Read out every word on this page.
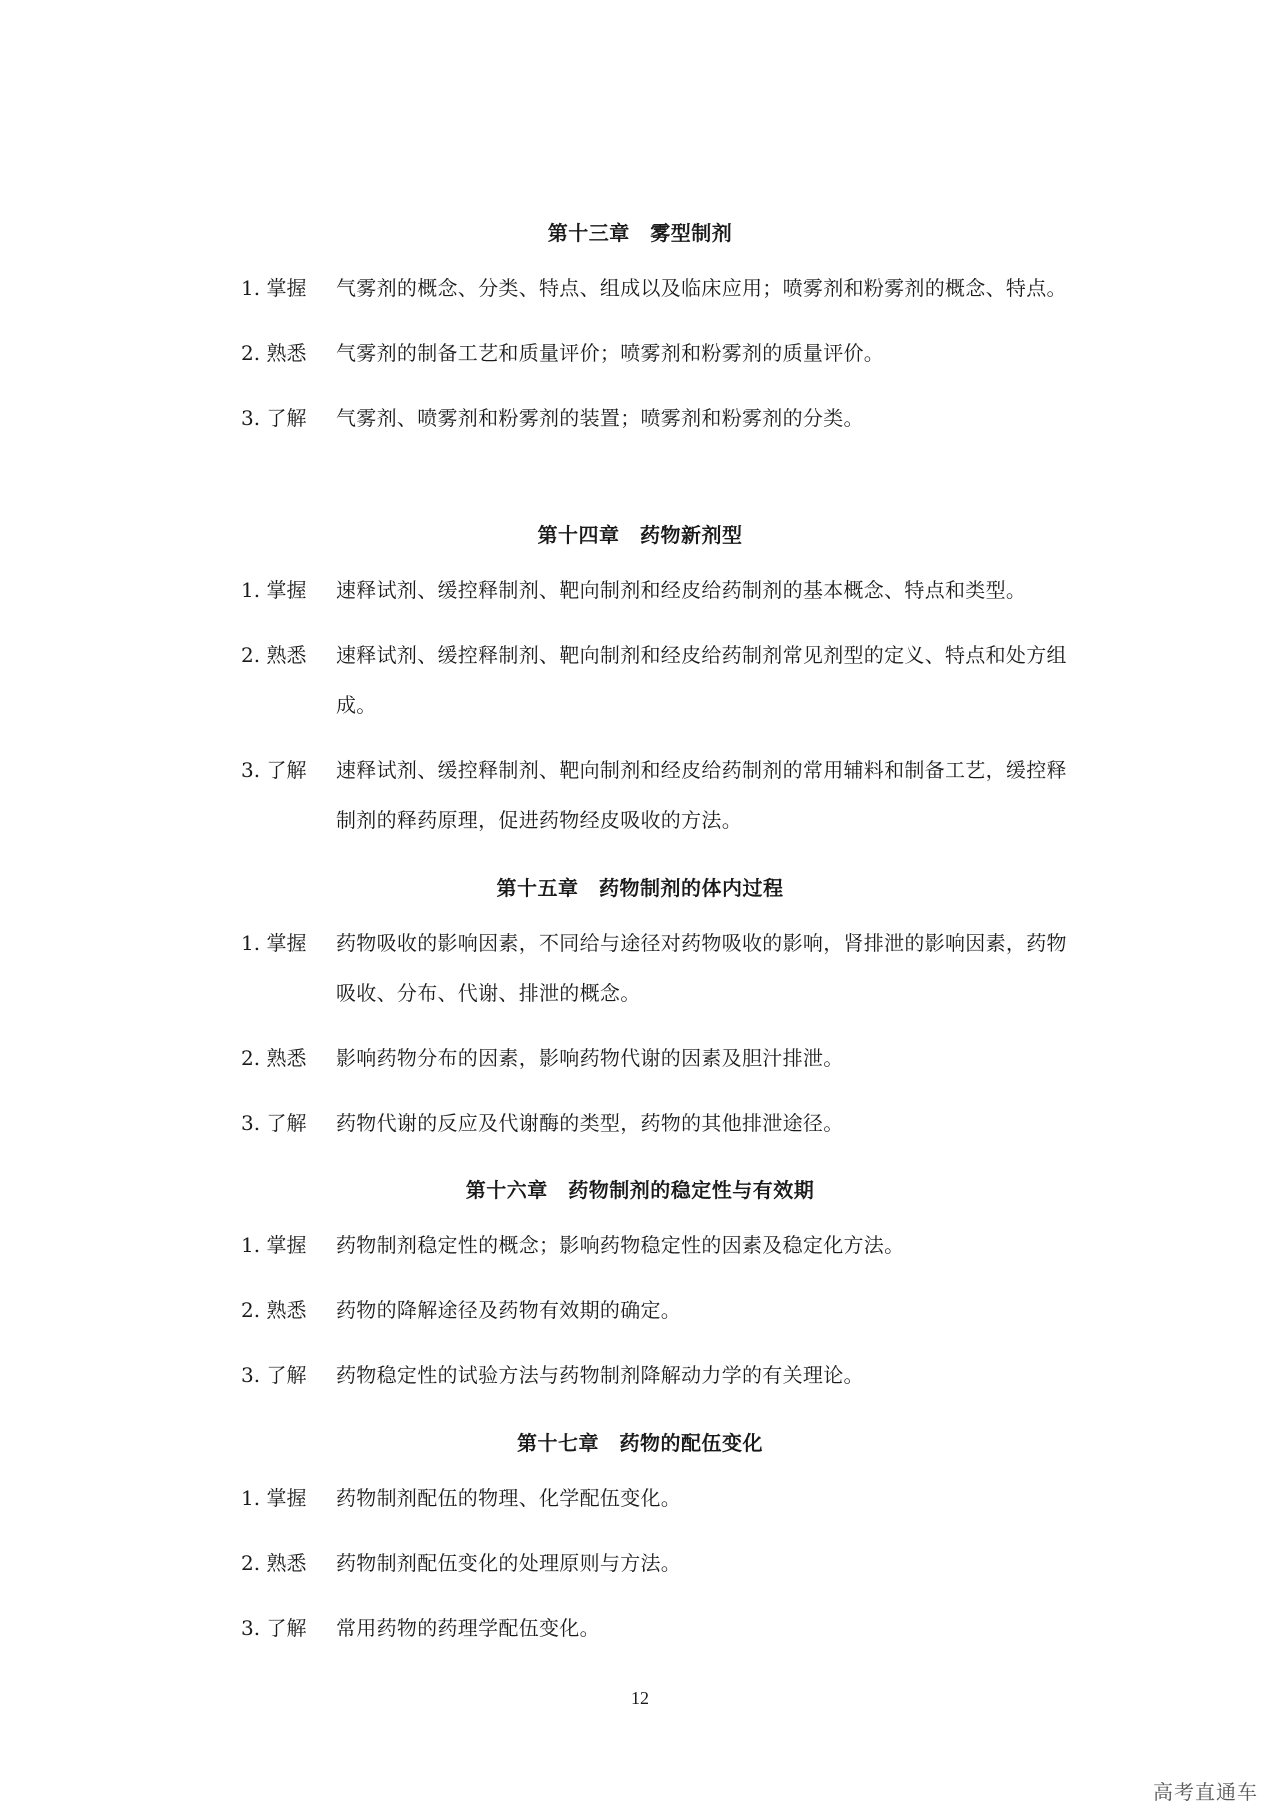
第十三章　雾型制剂
1. 掌握 气雾剂的概念、分类、特点、组成以及临床应用；喷雾剂和粉雾剂的概念、特点。
2. 熟悉 气雾剂的制备工艺和质量评价；喷雾剂和粉雾剂的质量评价。
3. 了解 气雾剂、喷雾剂和粉雾剂的装置；喷雾剂和粉雾剂的分类。
第十四章　药物新剂型
1. 掌握 速释试剂、缓控释制剂、靶向制剂和经皮给药制剂的基本概念、特点和类型。
2. 熟悉 速释试剂、缓控释制剂、靶向制剂和经皮给药制剂常见剂型的定义、特点和处方组成。
3. 了解 速释试剂、缓控释制剂、靶向制剂和经皮给药制剂的常用辅料和制备工艺，缓控释制剂的释药原理，促进药物经皮吸收的方法。
第十五章　药物制剂的体内过程
1. 掌握 药物吸收的影响因素，不同给与途径对药物吸收的影响，肾排泄的影响因素，药物吸收、分布、代谢、排泄的概念。
2. 熟悉 影响药物分布的因素，影响药物代谢的因素及胆汁排泄。
3. 了解 药物代谢的反应及代谢酶的类型，药物的其他排泄途径。
第十六章　药物制剂的稳定性与有效期
1. 掌握 药物制剂稳定性的概念；影响药物稳定性的因素及稳定化方法。
2. 熟悉 药物的降解途径及药物有效期的确定。
3. 了解 药物稳定性的试验方法与药物制剂降解动力学的有关理论。
第十七章　药物的配伍变化
1. 掌握 药物制剂配伍的物理、化学配伍变化。
2. 熟悉 药物制剂配伍变化的处理原则与方法。
3. 了解 常用药物的药理学配伍变化。
12
高考直通车
